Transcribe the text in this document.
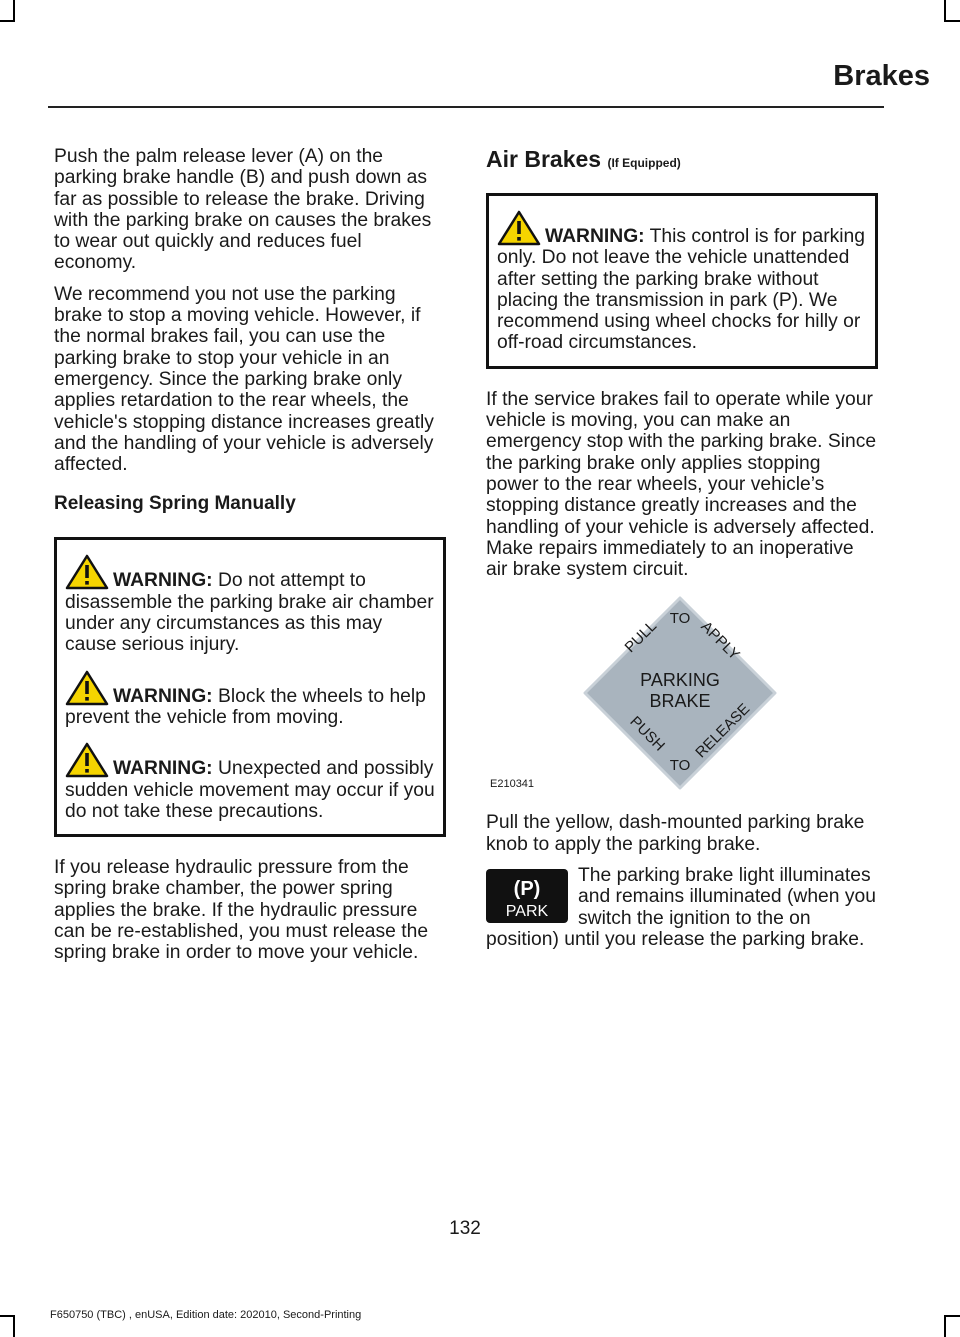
Brakes

Push the palm release lever (A) on the parking brake handle (B) and push down as far as possible to release the brake. Driving with the parking brake on causes the brakes to wear out quickly and reduces fuel economy.

We recommend you not use the parking brake to stop a moving vehicle. However, if the normal brakes fail, you can use the parking brake to stop your vehicle in an emergency. Since the parking brake only applies retardation to the rear wheels, the vehicle's stopping distance increases greatly and the handling of your vehicle is adversely affected.

Releasing Spring Manually
WARNING: Do not attempt to disassemble the parking brake air chamber under any circumstances as this may cause serious injury.
WARNING: Block the wheels to help prevent the vehicle from moving.
WARNING: Unexpected and possibly sudden vehicle movement may occur if you do not take these precautions.

If you release hydraulic pressure from the spring brake chamber, the power spring applies the brake. If the hydraulic pressure can be re-established, you must release the spring brake in order to move your vehicle.

Air Brakes (If Equipped)
WARNING: This control is for parking only. Do not leave the vehicle unattended after setting the parking brake without placing the transmission in park (P). We recommend using wheel chocks for hilly or off-road circumstances.

If the service brakes fail to operate while your vehicle is moving, you can make an emergency stop with the parking brake. Since the parking brake only applies stopping power to the rear wheels, your vehicle’s stopping distance greatly increases and the handling of your vehicle is adversely affected. Make repairs immediately to an inoperative air brake system circuit.

PULL TO APPLY
PARKING
BRAKE
PUSH
TO
RELEASE
E210341

Pull the yellow, dash-mounted parking brake knob to apply the parking brake.

(P)
PARK

The parking brake light illuminates and remains illuminated (when you switch the ignition to the on position) until you release the parking brake.

132

F650750 (TBC) , enUSA, Edition date: 202010, Second-Printing
